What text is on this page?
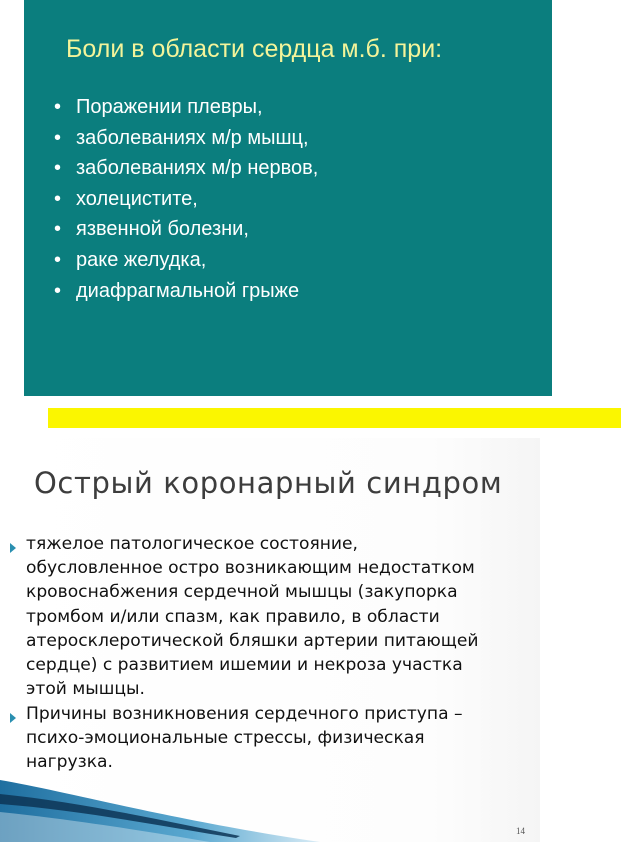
Боли в области сердца м.б. при:
• Поражении плевры,
• заболеваниях м/р мышц,
• заболеваниях м/р нервов,
• холецистите,
• язвенной болезни,
• раке желудка,
• диафрагмальной грыже
Острый коронарный синдром

тяжелое патологическое состояние,
обусловленное остро возникающим недостатком
кровоснабжения сердечной мышцы (закупорка
тромбом и/или спазм, как правило, в области
атеросклеротической бляшки артерии питающей
сердце) с развитием ишемии и некроза участка
этой мышцы.

Причины возникновения сердечного приступа –
психо-эмоциональные стрессы, физическая
нагрузка.

14
